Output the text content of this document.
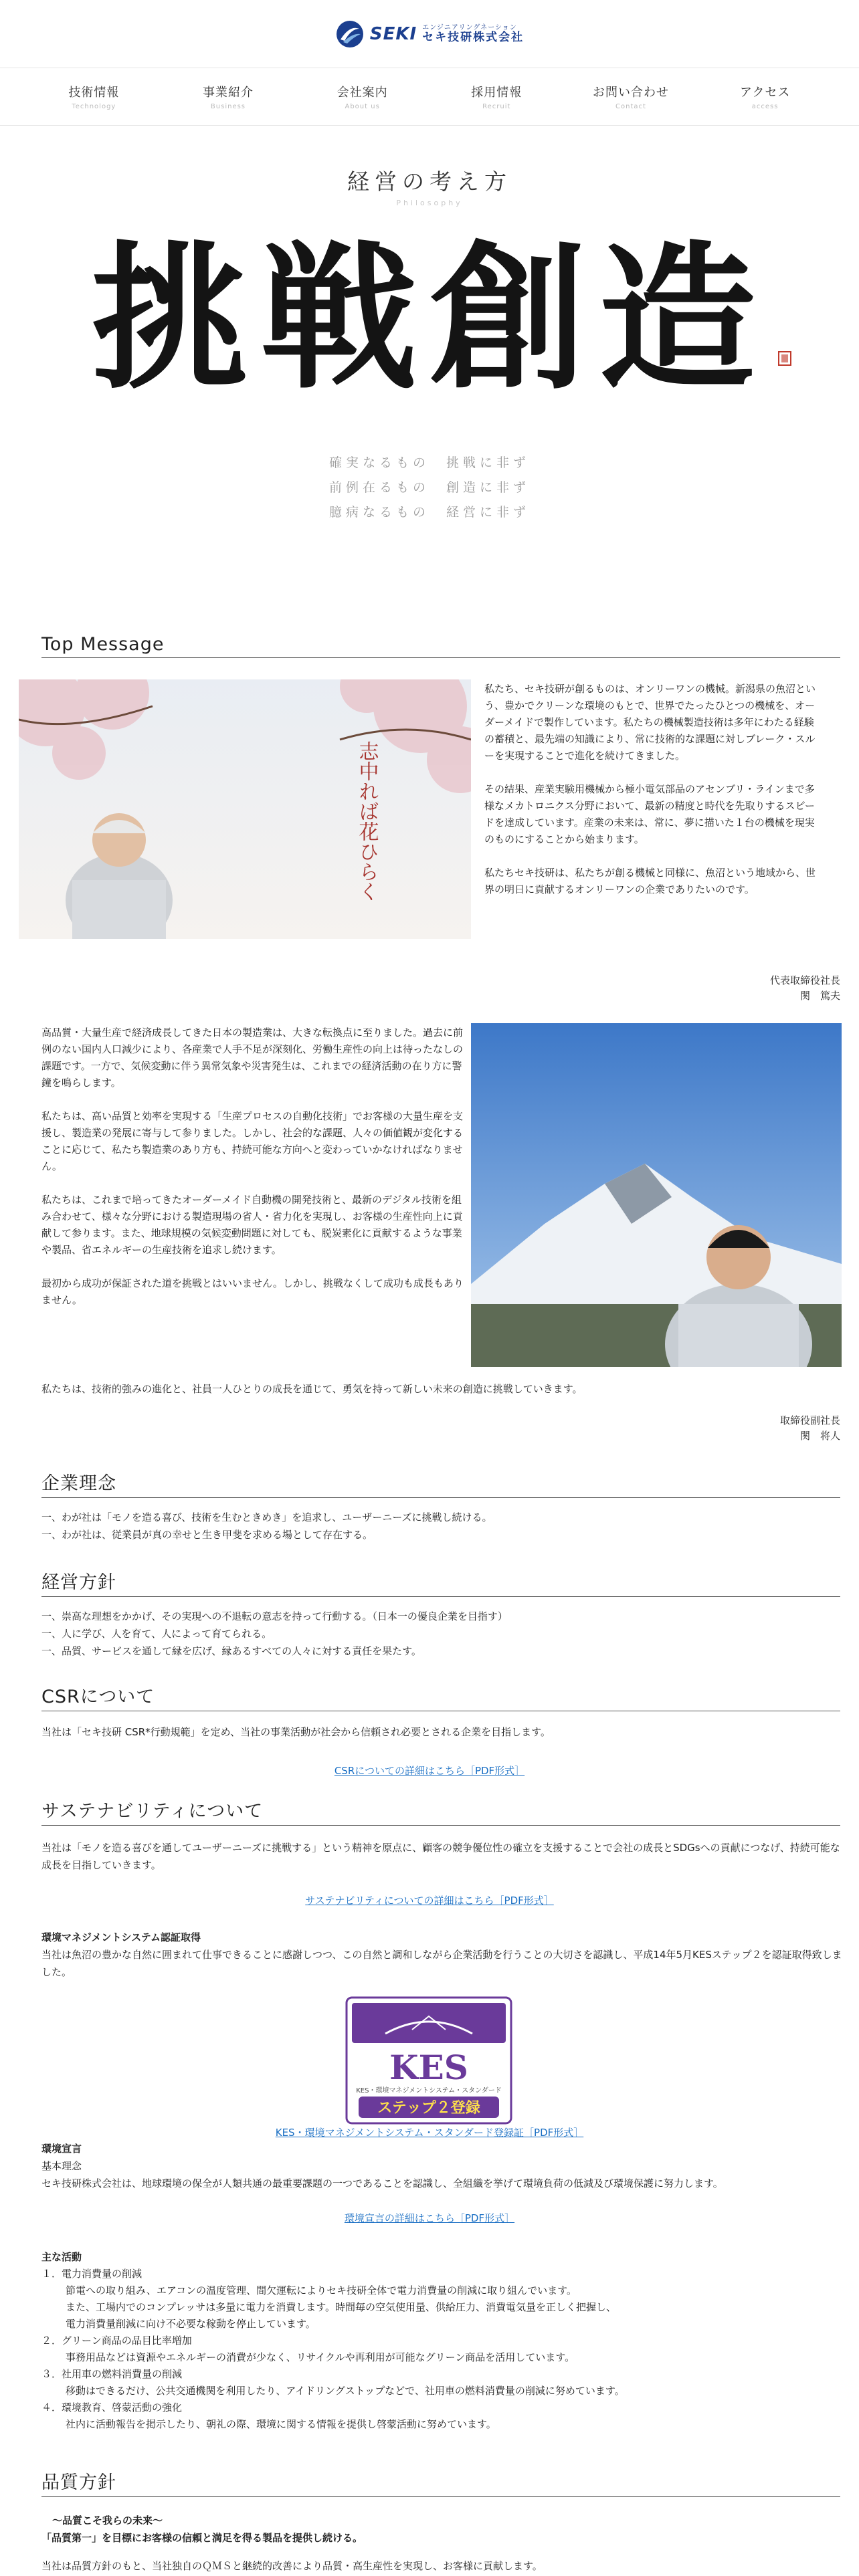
SEKI エンジニアリングネーション
セキ技研株式会社
技術情報
Technology
事業紹介
Business
会社案内
About us
採用情報
Recruit
お問い合わせ
Contact
アクセス
access
経営の考え方
Philosophy
挑戦創造
確実なるもの　挑戦に非ず
前例在るもの　創造に非ず
臆病なるもの　経営に非ず
Top Message
志中れば花ひらく

私たち、セキ技研が創るものは、オンリーワンの機械。新潟県の魚沼という、豊かでクリーンな環境のもとで、世界でたったひとつの機械を、オーダーメイドで製作しています。私たちの機械製造技術は多年にわたる経験の蓄積と、最先端の知識により、常に技術的な課題に対しブレーク・スルーを実現することで進化を続けてきました。

その結果、産業実験用機械から極小電気部品のアセンブリ・ラインまで多様なメカトロニクス分野において、最新の精度と時代を先取りするスピードを達成しています。産業の未来は、常に、夢に描いた１台の機械を現実のものにすることから始まります。

私たちセキ技研は、私たちが創る機械と同様に、魚沼という地域から、世界の明日に貢献するオンリーワンの企業でありたいのです。

代表取締役社長
関　篤夫

高品質・大量生産で経済成長してきた日本の製造業は、大きな転換点に至りました。過去に前例のない国内人口減少により、各産業で人手不足が深刻化、労働生産性の向上は待ったなしの課題です。一方で、気候変動に伴う異常気象や災害発生は、これまでの経済活動の在り方に警鐘を鳴らします。

私たちは、高い品質と効率を実現する「生産プロセスの自動化技術」でお客様の大量生産を支援し、製造業の発展に寄与して参りました。しかし、社会的な課題、人々の価値観が変化することに応じて、私たち製造業のあり方も、持続可能な方向へと変わっていかなければなりません。

私たちは、これまで培ってきたオーダーメイド自動機の開発技術と、最新のデジタル技術を組み合わせて、様々な分野における製造現場の省人・省力化を実現し、お客様の生産性向上に貢献して参ります。また、地球規模の気候変動問題に対しても、脱炭素化に貢献するような事業や製品、省エネルギーの生産技術を追求し続けます。

最初から成功が保証された道を挑戦とはいいません。しかし、挑戦なくして成功も成長もありません。

私たちは、技術的強みの進化と、社員一人ひとりの成長を通じて、勇気を持って新しい未来の創造に挑戦していきます。
取締役副社長
関　将人
企業理念
一、わが社は「モノを造る喜び、技術を生むときめき」を追求し、ユーザーニーズに挑戦し続ける。
一、わが社は、従業員が真の幸せと生き甲斐を求める場として存在する。
経営方針
一、崇高な理想をかかげ、その実現への不退転の意志を持って行動する。（日本一の優良企業を目指す）
一、人に学び、人を育て、人によって育てられる。
一、品質、サービスを通して縁を広げ、縁あるすべての人々に対する責任を果たす。
CSRについて
当社は「セキ技研 CSR*行動規範」を定め、当社の事業活動が社会から信頼され必要とされる企業を目指します。
CSRについての詳細はこちら［PDF形式］
サステナビリティについて
当社は「モノを造る喜びを通してユーザーニーズに挑戦する」という精神を原点に、顧客の競争優位性の確立を支援することで会社の成長とSDGsへの貢献につなげ、持続可能な成長を目指していきます。
サステナビリティについての詳細はこちら［PDF形式］
環境マネジメントシステム認証取得
当社は魚沼の豊かな自然に囲まれて仕事できることに感謝しつつ、この自然と調和しながら企業活動を行うことの大切さを認識し、平成14年5月KESステップ２を認証取得致しました。
KES
KES・環境マネジメントシステム・スタンダード
ステップ２登録
KES・環境マネジメントシステム・スタンダード登録証［PDF形式］
環境宣言
基本理念
セキ技研株式会社は、地球環境の保全が人類共通の最重要課題の一つであることを認識し、全組織を挙げて環境負荷の低減及び環境保護に努力します。
環境宣言の詳細はこちら［PDF形式］
主な活動
１．電力消費量の削減
節電への取り組み、エアコンの温度管理、間欠運転によりセキ技研全体で電力消費量の削減に取り組んでいます。
また、工場内でのコンプレッサは多量に電力を消費します。時間毎の空気使用量、供給圧力、消費電気量を正しく把握し、
電力消費量削減に向け不必要な稼動を停止しています。
２．グリーン商品の品目比率増加
事務用品などは資源やエネルギーの消費が少なく、リサイクルや再利用が可能なグリーン商品を活用しています。
３．社用車の燃料消費量の削減
移動はできるだけ、公共交通機関を利用したり、アイドリングストップなどで、社用車の燃料消費量の削減に努めています。
４．環境教育、啓蒙活動の強化
社内に活動報告を掲示したり、朝礼の際、環境に関する情報を提供し啓蒙活動に努めています。
品質方針
～品質こそ我らの未来～
「品質第一」を目標にお客様の信頼と満足を得る製品を提供し続ける。
当社は品質方針のもと、当社独自のＱＭＳと継続的改善により品質・高生産性を実現し、お客様に貢献します。
